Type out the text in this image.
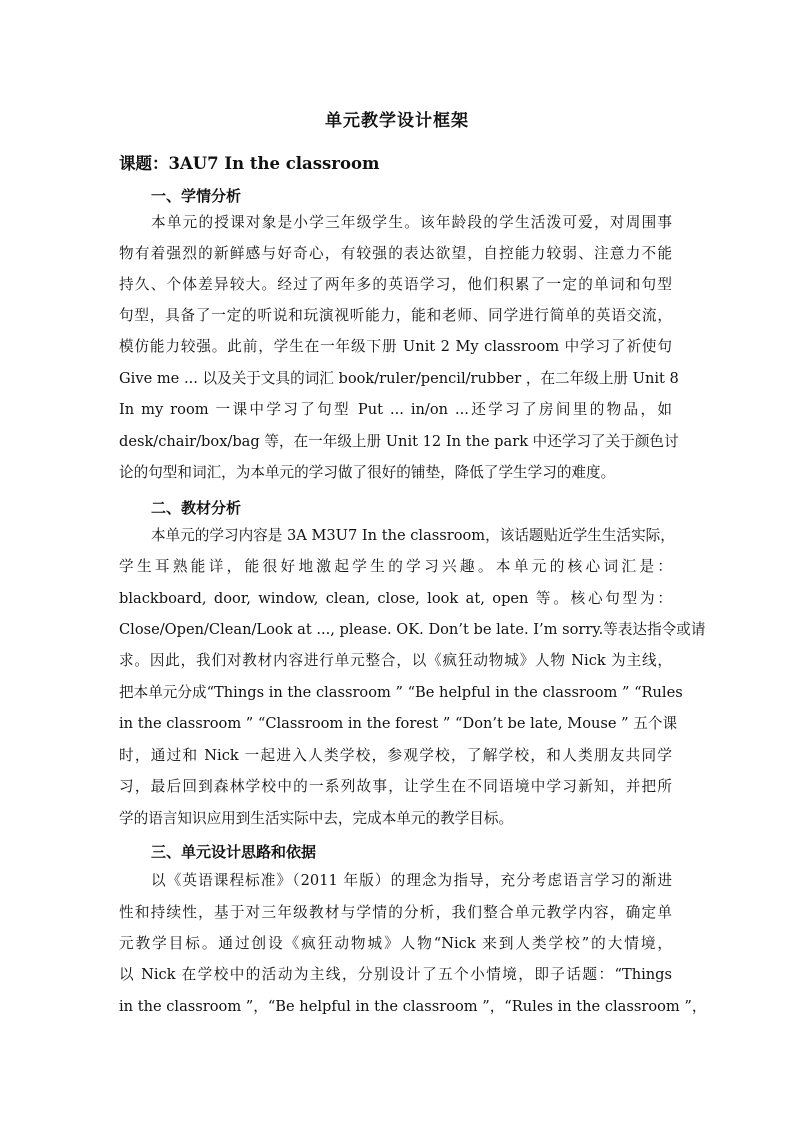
单元教学设计框架
课题：3AU7 In the classroom
一、学情分析
本单元的授课对象是小学三年级学生。该年龄段的学生活泼可爱，对周围事
物有着强烈的新鲜感与好奇心，有较强的表达欲望，自控能力较弱、注意力不能
持久、个体差异较大。经过了两年多的英语学习，他们积累了一定的单词和句型
句型，具备了一定的听说和玩演视听能力，能和老师、同学进行简单的英语交流，
模仿能力较强。此前，学生在一年级下册 Unit 2 My classroom 中学习了祈使句
Give me ... 以及关于文具的词汇 book/ruler/pencil/rubber ，在二年级上册 Unit 8
In my room 一课中学习了句型 Put ... in/on ...还学习了房间里的物品，如
desk/chair/box/bag 等，在一年级上册 Unit 12 In the park 中还学习了关于颜色讨
论的句型和词汇，为本单元的学习做了很好的铺垫，降低了学生学习的难度。
二、教材分析
本单元的学习内容是 3A M3U7 In the classroom，该话题贴近学生生活实际，
学生耳熟能详，能很好地激起学生的学习兴趣。本单元的核心词汇是：
blackboard, door, window, clean, close, look at, open 等。核心句型为：
Close/Open/Clean/Look at ..., please. OK. Don’t be late. I’m sorry.等表达指令或请
求。因此，我们对教材内容进行单元整合，以《疯狂动物城》人物 Nick 为主线，
把本单元分成“Things in the classroom ” “Be helpful in the classroom ” “Rules
in the classroom ” “Classroom in the forest ” “Don’t be late, Mouse ” 五个课
时，通过和 Nick 一起进入人类学校，参观学校，了解学校，和人类朋友共同学
习，最后回到森林学校中的一系列故事，让学生在不同语境中学习新知，并把所
学的语言知识应用到生活实际中去，完成本单元的教学目标。
三、单元设计思路和依据
以《英语课程标准》（2011 年版）的理念为指导，充分考虑语言学习的渐进
性和持续性，基于对三年级教材与学情的分析，我们整合单元教学内容，确定单
元教学目标。通过创设《疯狂动物城》人物“Nick 来到人类学校”的大情境，
以 Nick 在学校中的活动为主线，分别设计了五个小情境，即子话题：“Things
in the classroom ”，“Be helpful in the classroom ”，“Rules in the classroom ”，
